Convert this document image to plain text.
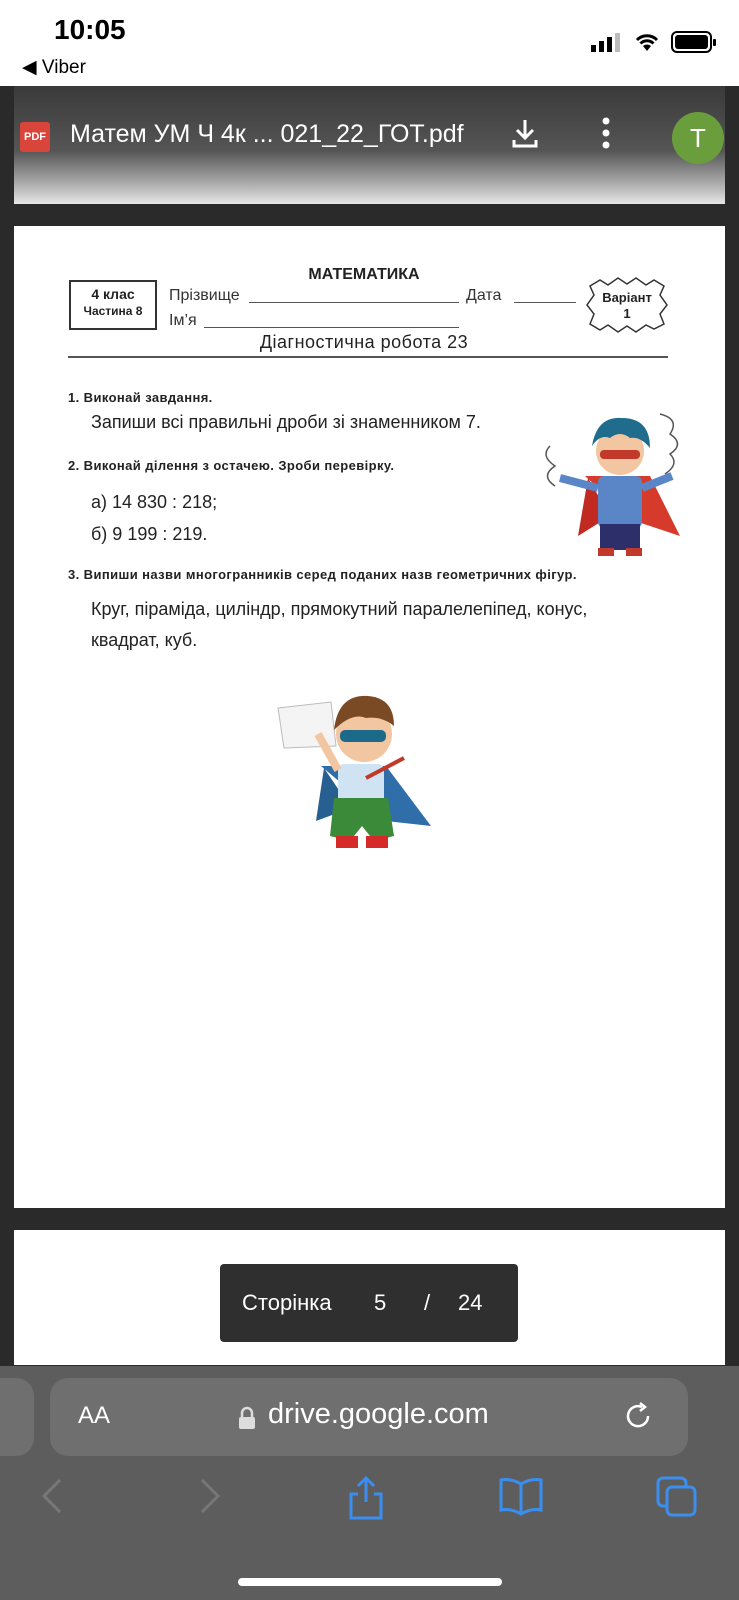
10:05
◀ Viber
PDF Матем УМ Ч 4к ... 021_22_ГОТ.pdf	T
4 клас
Частина 8
МАТЕМАТИКА
Прізвище	Дата
Ім’я
Варіант
1
Діагностична робота 23
1. Виконай завдання.
Запиши всі правильні дроби зі знаменником 7.
2. Виконай ділення з остачею. Зроби перевірку.
а) 14 830 : 218;
б) 9 199 : 219.
3. Випиши назви многогранників серед поданих назв геометричних фігур.
Круг, піраміда, циліндр, прямокутний паралелепіпед, конус,
квадрат, куб.
Сторінка 5 / 24
AA	drive.google.com
